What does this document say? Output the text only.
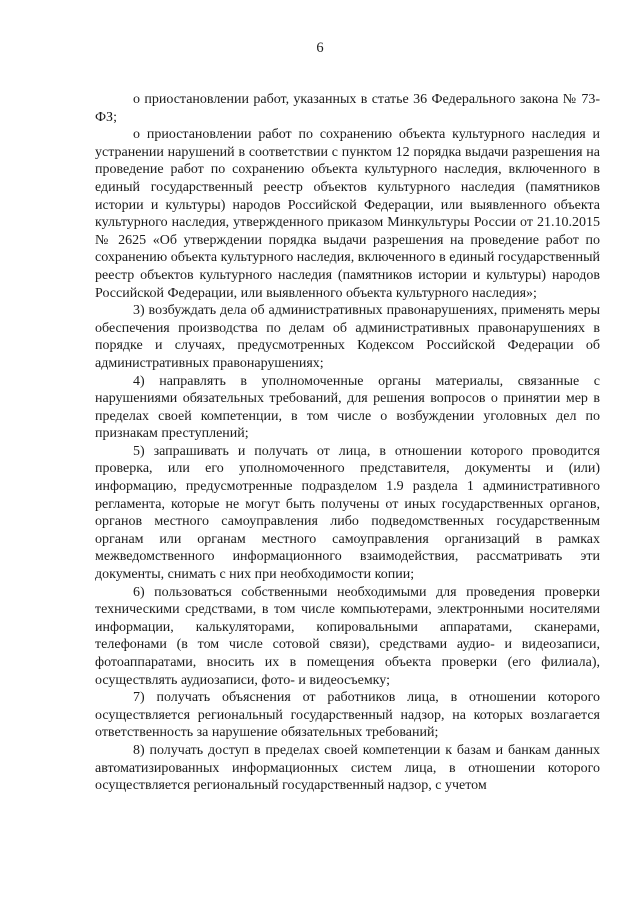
6

о приостановлении работ, указанных в статье 36 Федерального закона № 73-ФЗ;

о приостановлении работ по сохранению объекта культурного наследия и устранении нарушений в соответствии с пунктом 12 порядка выдачи разрешения на проведение работ по сохранению объекта культурного наследия, включенного в единый государственный реестр объектов культурного наследия (памятников истории и культуры) народов Российской Федерации, или выявленного объекта культурного наследия, утвержденного приказом Минкультуры России от 21.10.2015 № 2625 «Об утверждении порядка выдачи разрешения на проведение работ по сохранению объекта культурного наследия, включенного в единый государственный реестр объектов культурного наследия (памятников истории и культуры) народов Российской Федерации, или выявленного объекта культурного наследия»;

3) возбуждать дела об административных правонарушениях, применять меры обеспечения производства по делам об административных правонарушениях в порядке и случаях, предусмотренных Кодексом Российской Федерации об административных правонарушениях;

4) направлять в уполномоченные органы материалы, связанные с нарушениями обязательных требований, для решения вопросов о принятии мер в пределах своей компетенции, в том числе о возбуждении уголовных дел по признакам преступлений;

5) запрашивать и получать от лица, в отношении которого проводится проверка, или его уполномоченного представителя, документы и (или) информацию, предусмотренные подразделом 1.9 раздела 1 административного регламента, которые не могут быть получены от иных государственных органов, органов местного самоуправления либо подведомственных государственным органам или органам местного самоуправления организаций в рамках межведомственного информационного взаимодействия, рассматривать эти документы, снимать с них при необходимости копии;

6) пользоваться собственными необходимыми для проведения проверки техническими средствами, в том числе компьютерами, электронными носителями информации, калькуляторами, копировальными аппаратами, сканерами, телефонами (в том числе сотовой связи), средствами аудио- и видеозаписи, фотоаппаратами, вносить их в помещения объекта проверки (его филиала), осуществлять аудиозаписи, фото- и видеосъемку;

7) получать объяснения от работников лица, в отношении которого осуществляется региональный государственный надзор, на которых возлагается ответственность за нарушение обязательных требований;

8) получать доступ в пределах своей компетенции к базам и банкам данных автоматизированных информационных систем лица, в отношении которого осуществляется региональный государственный надзор, с учетом
